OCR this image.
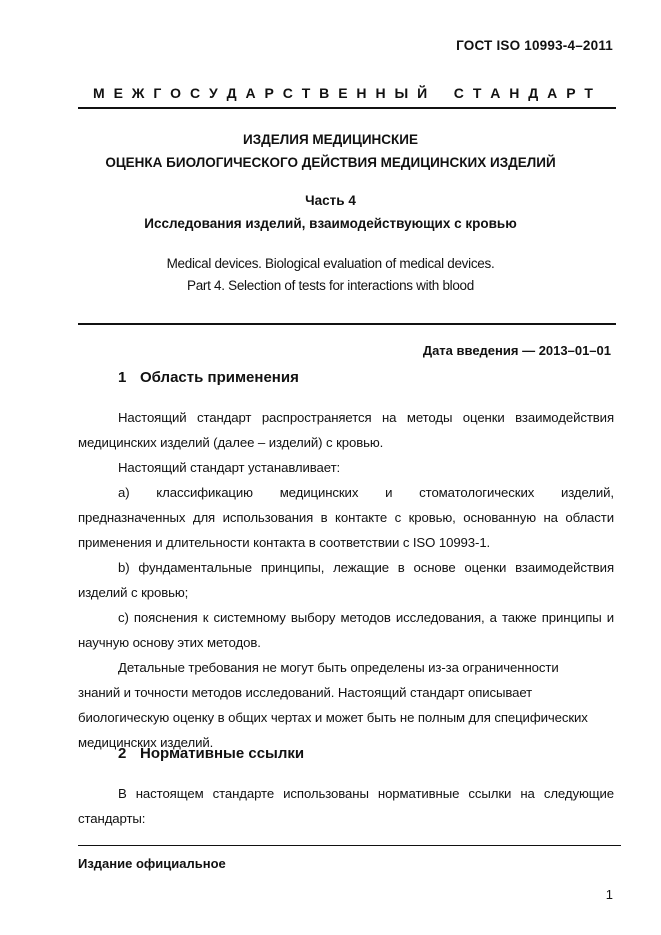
ГОСТ ISO 10993-4–2011
М Е Ж Г О С У Д А Р С Т В Е Н Н Ы Й С Т А Н Д А Р Т
ИЗДЕЛИЯ МЕДИЦИНСКИЕ
ОЦЕНКА БИОЛОГИЧЕСКОГО ДЕЙСТВИЯ МЕДИЦИНСКИХ ИЗДЕЛИЙ
Часть 4
Исследования изделий, взаимодействующих с кровью
Medical devices. Biological evaluation of medical devices.
Part 4. Selection of tests for interactions with blood
Дата введения — 2013–01–01
1 Область применения

Настоящий стандарт распространяется на методы оценки взаимодействия

медицинских изделий (далее – изделий) с кровью.

Настоящий стандарт устанавливает:

а) классификацию медицинских и стоматологических изделий,

предназначенных для использования в контакте с кровью, основанную на области

применения и длительности контакта в соответствии с ISO 10993-1.

b) фундаментальные принципы, лежащие в основе оценки взаимодействия

изделий с кровью;

c) пояснения к системному выбору методов исследования, а также принципы и

научную основу этих методов.

Детальные требования не могут быть определены из-за ограниченности

знаний и точности методов исследований. Настоящий стандарт описывает

биологическую оценку в общих чертах и может быть не полным для специфических

медицинских изделий.

2 Нормативные ссылки

В настоящем стандарте использованы нормативные ссылки на следующие

стандарты:

Издание официальное
1
